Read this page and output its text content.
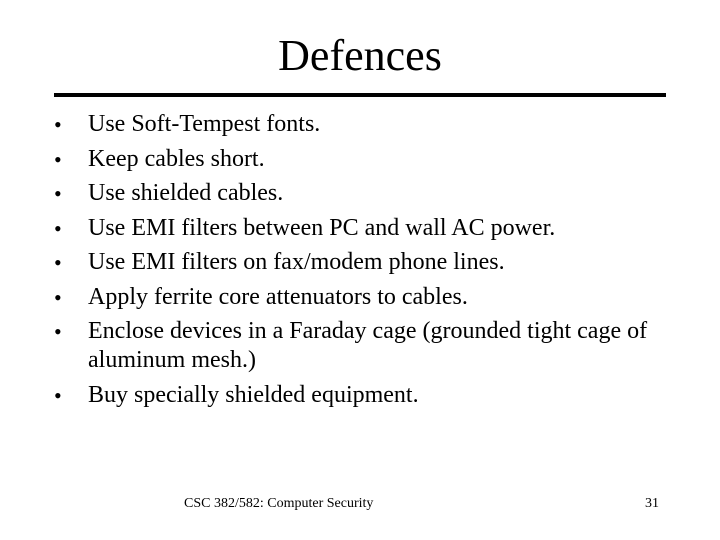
Defences
• Use Soft-Tempest fonts.
• Keep cables short.
• Use shielded cables.
• Use EMI filters between PC and wall AC power.
• Use EMI filters on fax/modem phone lines.
• Apply ferrite core attenuators to cables.
• Enclose devices in a Faraday cage (grounded tight cage of aluminum mesh.)
• Buy specially shielded equipment.
CSC 382/582: Computer Security	31
